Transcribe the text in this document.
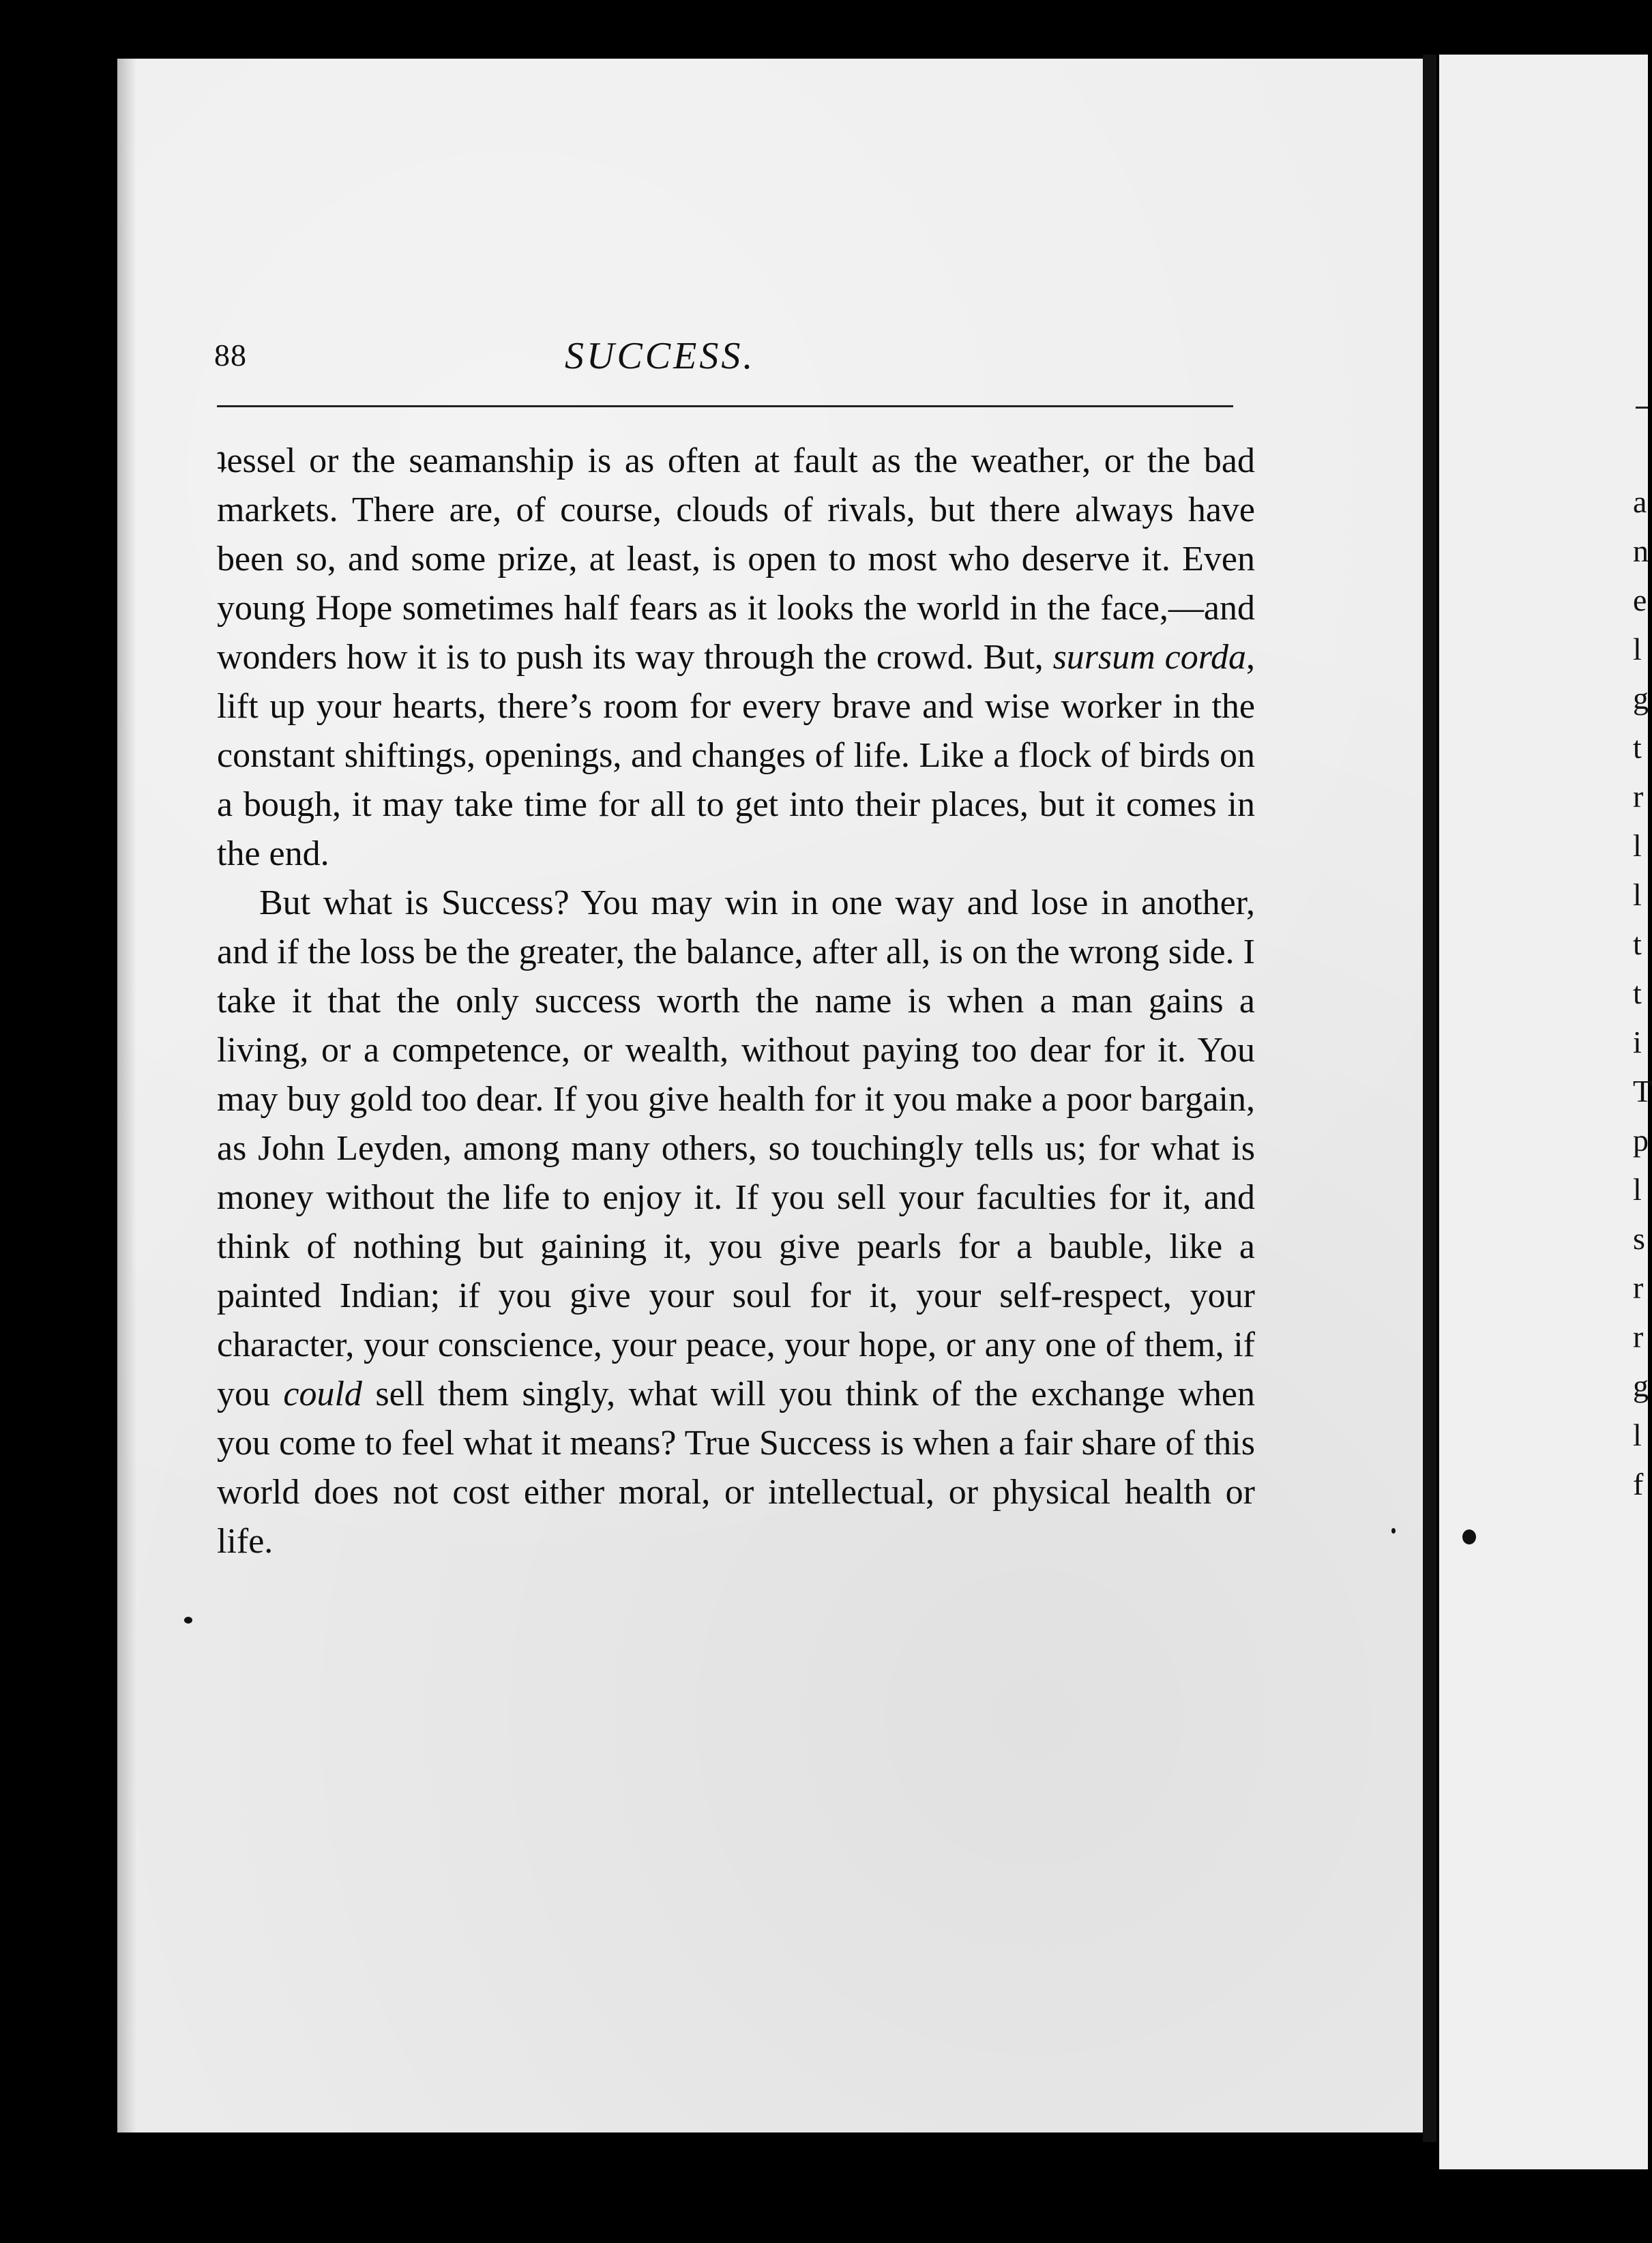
a
n
e
l
g
t
r
l
l
t
t
i
T
p
l
s
r
r
g
l
f
88	SUCCESS.

ʇessel or the seamanship is as often at fault as the weather, or the bad markets. There are, of course, clouds of rivals, but there always have been so, and some prize, at least, is open to most who deserve it. Even young Hope sometimes half fears as it looks the world in the face,—and wonders how it is to push its way through the crowd. But, sursum corda, lift up your hearts, there’s room for every brave and wise worker in the constant shiftings, openings, and changes of life. Like a flock of birds on a bough, it may take time for all to get into their places, but it comes in the end.

But what is Success? You may win in one way and lose in another, and if the loss be the greater, the balance, after all, is on the wrong side. I take it that the only success worth the name is when a man gains a living, or a competence, or wealth, without paying too dear for it. You may buy gold too dear. If you give health for it you make a poor bargain, as John Leyden, among many others, so touchingly tells us; for what is money without the life to enjoy it. If you sell your faculties for it, and think of nothing but gaining it, you give pearls for a bauble, like a painted Indian; if you give your soul for it, your self-respect, your character, your conscience, your peace, your hope, or any one of them, if you could sell them singly, what will you think of the exchange when you come to feel what it means? True Success is when a fair share of this world does not cost either moral, or intellectual, or physical health or life.
